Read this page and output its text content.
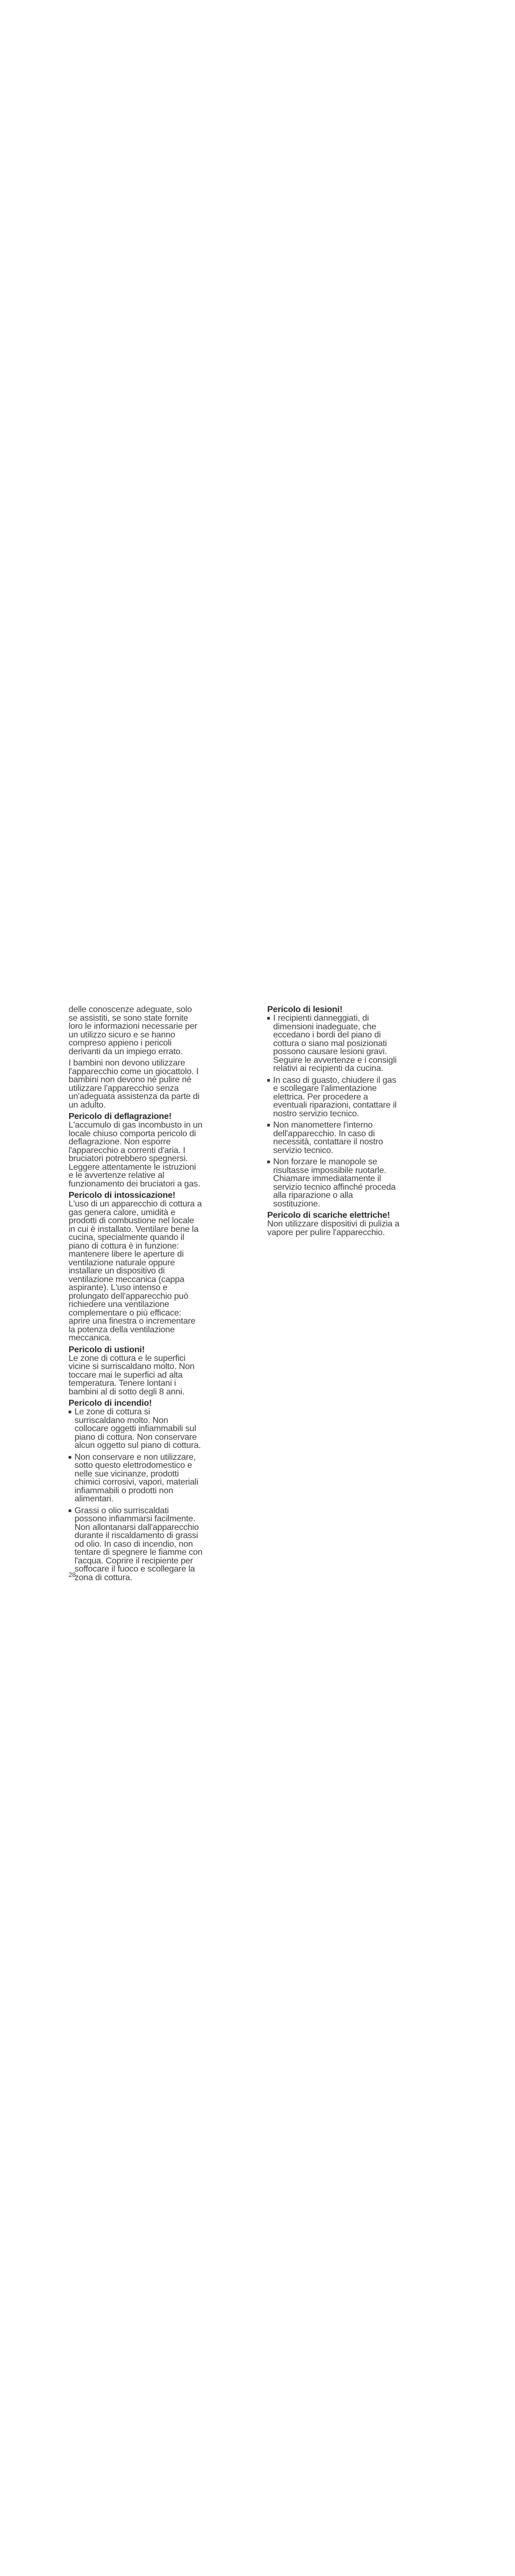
delle conoscenze adeguate, solo se assistiti, se sono state fornite loro le informazioni necessarie per un utilizzo sicuro e se hanno compreso appieno i pericoli derivanti da un impiego errato.

I bambini non devono utilizzare l'apparecchio come un giocattolo. I bambini non devono né pulire né utilizzare l'apparecchio senza un'adeguata assistenza da parte di un adulto.

Pericolo di deflagrazione!

L'accumulo di gas incombusto in un locale chiuso comporta pericolo di deflagrazione. Non esporre l'apparecchio a correnti d'aria. I bruciatori potrebbero spegnersi. Leggere attentamente le istruzioni e le avvertenze relative al funzionamento dei bruciatori a gas.

Pericolo di intossicazione!

L'uso di un apparecchio di cottura a gas genera calore, umidità e prodotti di combustione nel locale in cui è installato. Ventilare bene la cucina, specialmente quando il piano di cottura è in funzione: mantenere libere le aperture di ventilazione naturale oppure installare un dispositivo di ventilazione meccanica (cappa aspirante). L'uso intenso e prolungato dell'apparecchio può richiedere una ventilazione complementare o più efficace: aprire una finestra o incrementare la potenza della ventilazione meccanica.

Pericolo di ustioni!

Le zone di cottura e le superfici vicine si surriscaldano molto. Non toccare mai le superfici ad alta temperatura. Tenere lontani i bambini al di sotto degli 8 anni.

Pericolo di incendio!
Le zone di cottura si surriscaldano molto. Non collocare oggetti infiammabili sul piano di cottura. Non conservare alcun oggetto sul piano di cottura.
Non conservare e non utilizzare, sotto questo elettrodomestico e nelle sue vicinanze, prodotti chimici corrosivi, vapori, materiali infiammabili o prodotti non alimentari.
Grassi o olio surriscaldati possono infiammarsi facilmente. Non allontanarsi dall'apparecchio durante il riscaldamento di grassi od olio. In caso di incendio, non tentare di spegnere le fiamme con l'acqua. Coprire il recipiente per soffocare il fuoco e scollegare la zona di cottura.
Pericolo di lesioni!
I recipienti danneggiati, di dimensioni inadeguate, che eccedano i bordi del piano di cottura o siano mal posizionati possono causare lesioni gravi. Seguire le avvertenze e i consigli relativi ai recipienti da cucina.
In caso di guasto, chiudere il gas e scollegare l'alimentazione elettrica. Per procedere a eventuali riparazioni, contattare il nostro servizio tecnico.
Non manomettere l'interno dell'apparecchio. In caso di necessità, contattare il nostro servizio tecnico.
Non forzare le manopole se risultasse impossibile ruotarle. Chiamare immediatamente il servizio tecnico affinché proceda alla riparazione o alla sostituzione.
Pericolo di scariche elettriche!

Non utilizzare dispositivi di pulizia a vapore per pulire l'apparecchio.

28
